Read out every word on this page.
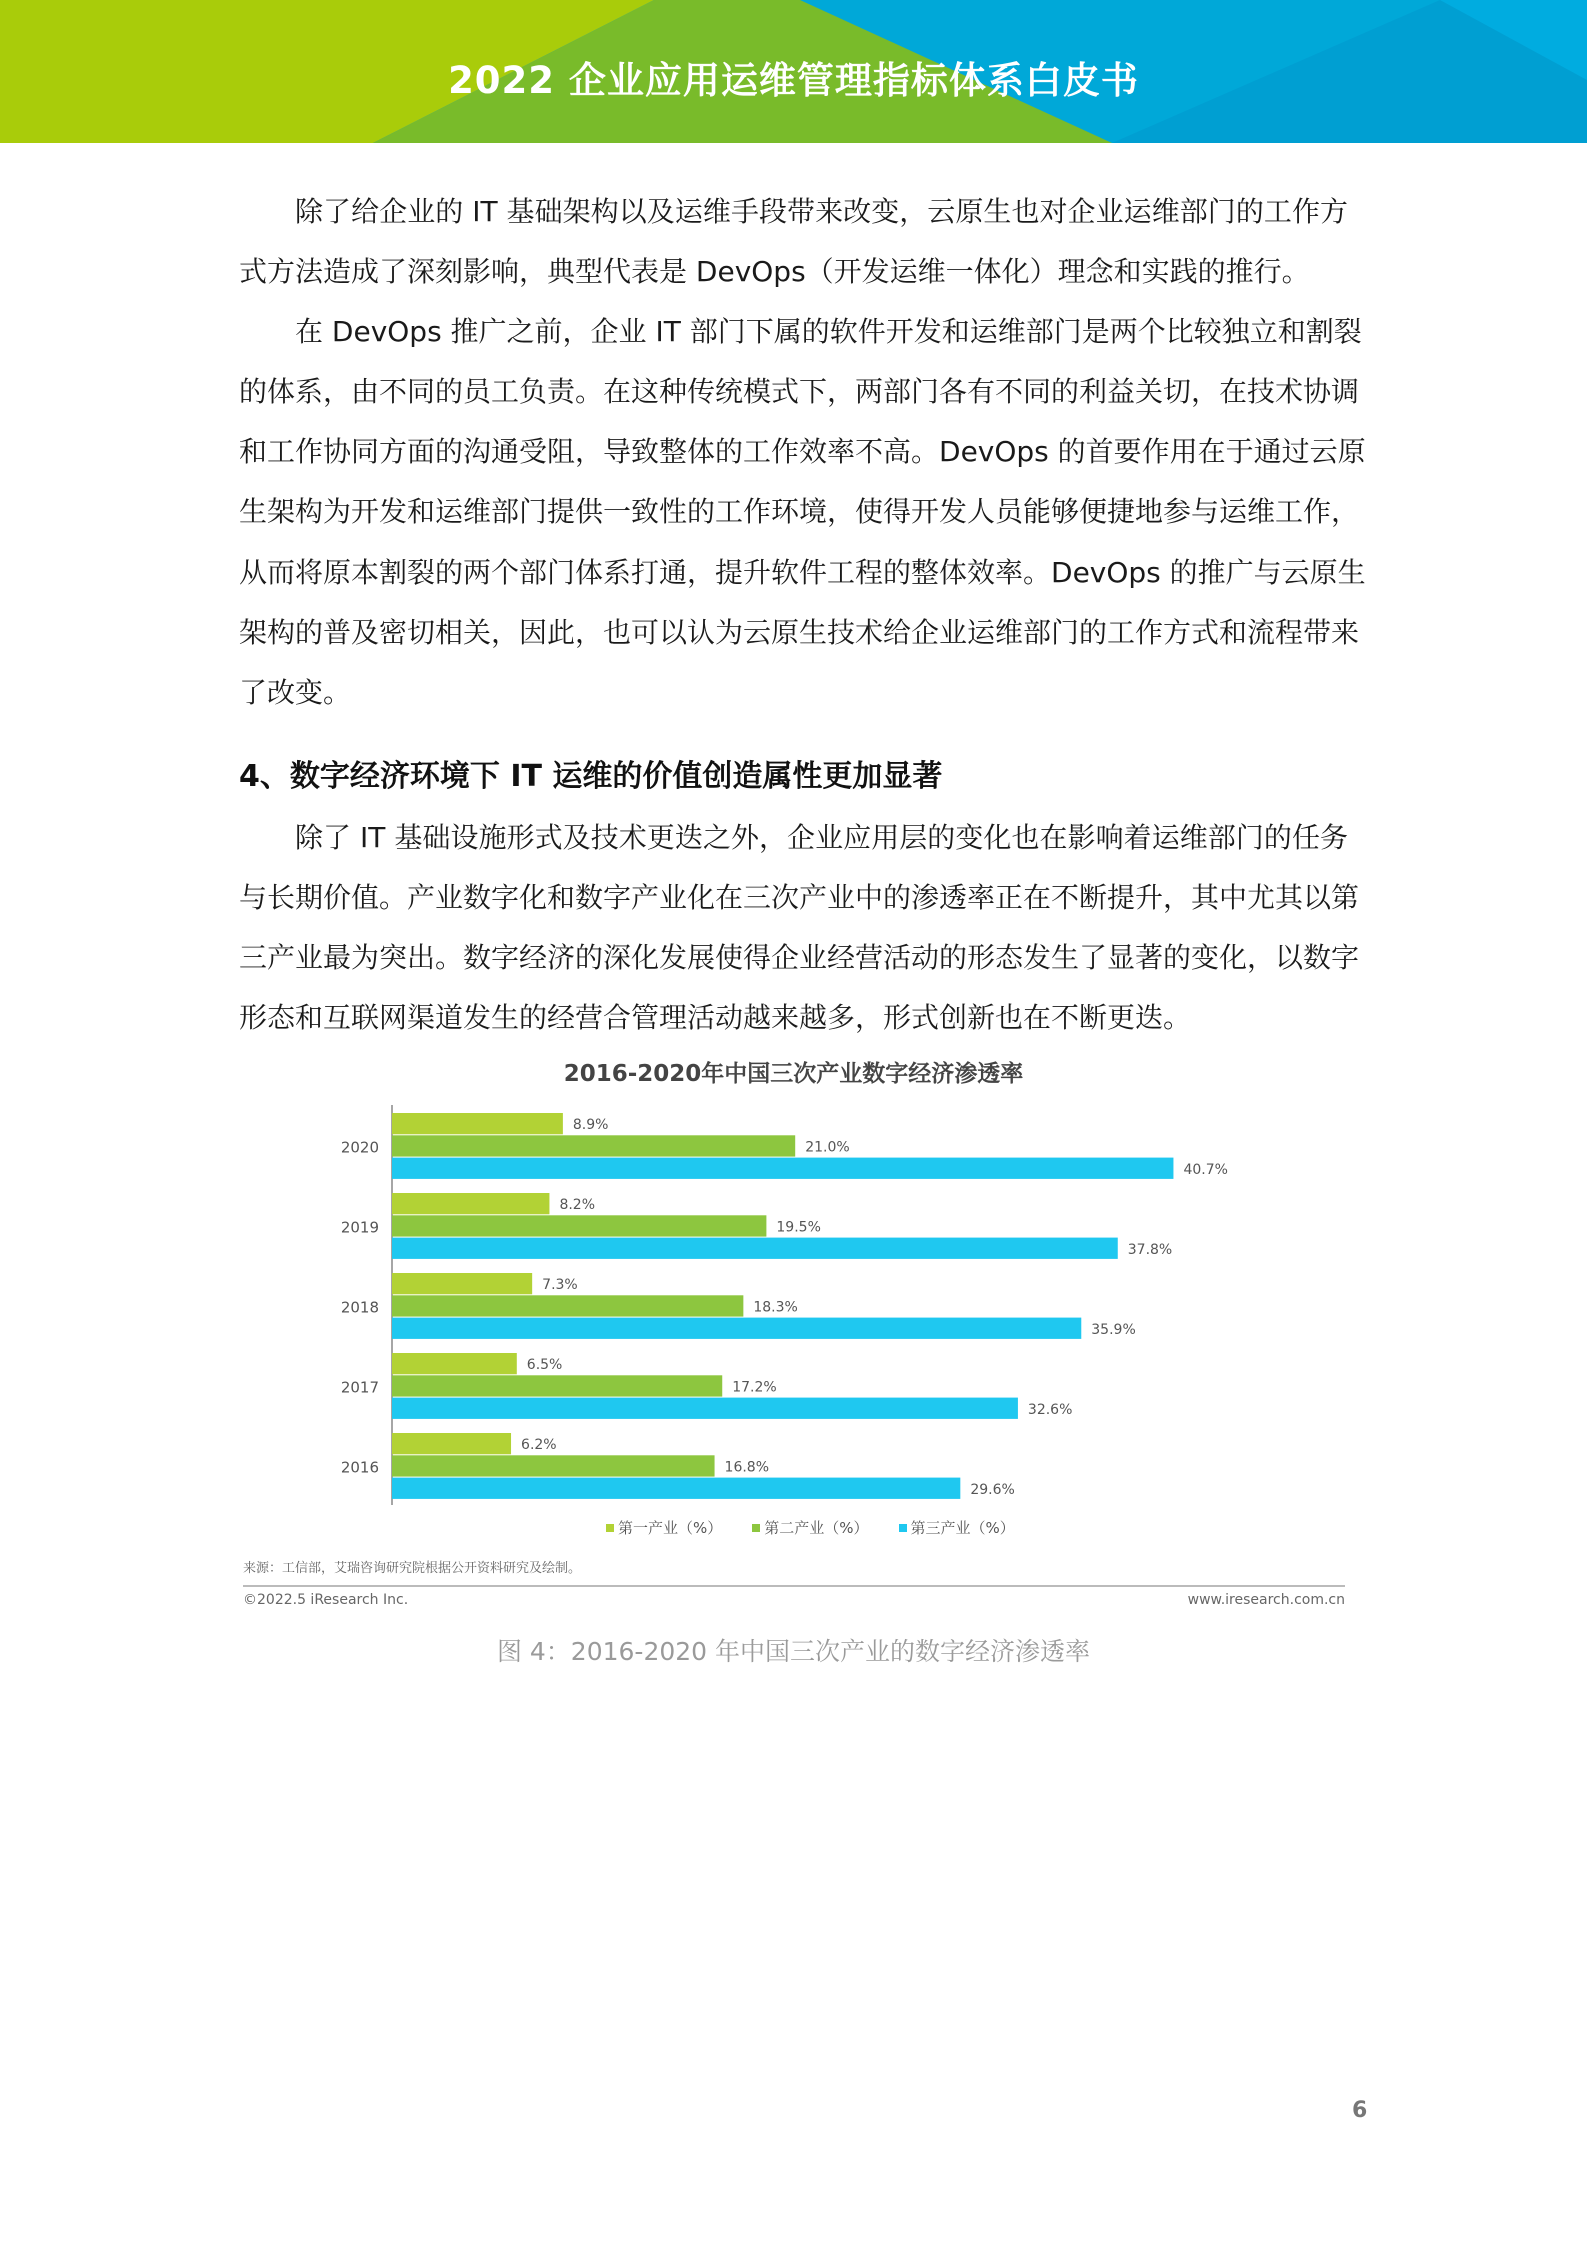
2022 企业应用运维管理指标体系白皮书
除了给企业的 IT 基础架构以及运维手段带来改变，云原生也对企业运维部门的工作方
式方法造成了深刻影响，典型代表是 DevOps（开发运维一体化）理念和实践的推行。
在 DevOps 推广之前，企业 IT 部门下属的软件开发和运维部门是两个比较独立和割裂
的体系，由不同的员工负责。在这种传统模式下，两部门各有不同的利益关切，在技术协调
和工作协同方面的沟通受阻，导致整体的工作效率不高。DevOps 的首要作用在于通过云原
生架构为开发和运维部门提供一致性的工作环境，使得开发人员能够便捷地参与运维工作，
从而将原本割裂的两个部门体系打通，提升软件工程的整体效率。DevOps 的推广与云原生
架构的普及密切相关，因此，也可以认为云原生技术给企业运维部门的工作方式和流程带来
了改变。
除了 IT 基础设施形式及技术更迭之外，企业应用层的变化也在影响着运维部门的任务
与长期价值。产业数字化和数字产业化在三次产业中的渗透率正在不断提升，其中尤其以第
三产业最为突出。数字经济的深化发展使得企业经营活动的形态发生了显著的变化，以数字
形态和互联网渠道发生的经营合管理活动越来越多，形式创新也在不断更迭。
4、数字经济环境下 IT 运维的价值创造属性更加显著
2016-2020年中国三次产业数字经济渗透率
2020
8.9%
21.0%
40.7%
2019
8.2%
19.5%
37.8%
2018
7.3%
18.3%
35.9%
2017
6.5%
17.2%
32.6%
2016
6.2%
16.8%
29.6%
第一产业（%）	第二产业（%）	第三产业（%）
来源：工信部，艾瑞咨询研究院根据公开资料研究及绘制。
©2022.5 iResearch Inc.	www.iresearch.com.cn
图 4：2016-2020 年中国三次产业的数字经济渗透率
6
